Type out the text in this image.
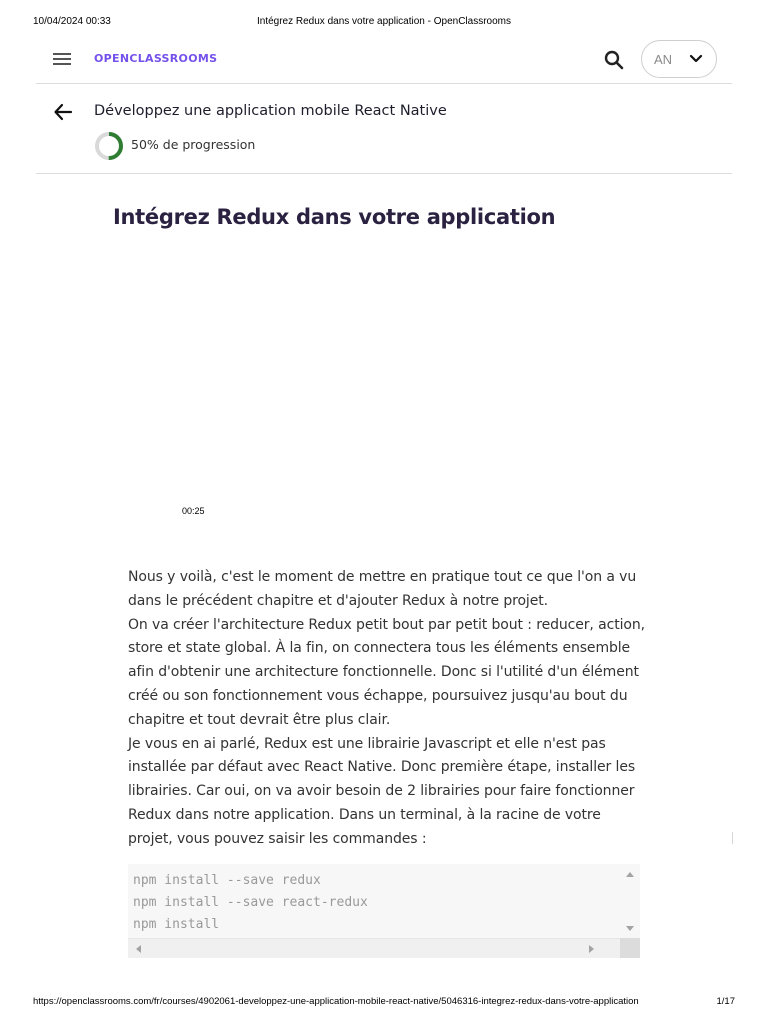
10/04/2024 00:33	Intégrez Redux dans votre application - OpenClassrooms
OPENCLASSROOMS	AN
Développez une application mobile React Native
50% de progression
Intégrez Redux dans votre application
00:25

Nous y voilà, c'est le moment de mettre en pratique tout ce que l'on a vu dans le précédent chapitre et d'ajouter Redux à notre projet.

On va créer l'architecture Redux petit bout par petit bout : reducer, action, store et state global. À la fin, on connectera tous les éléments ensemble afin d'obtenir une architecture fonctionnelle. Donc si l'utilité d'un élément créé ou son fonctionnement vous échappe, poursuivez jusqu'au bout du chapitre et tout devrait être plus clair.

Je vous en ai parlé, Redux est une librairie Javascript et elle n'est pas installée par défaut avec React Native. Donc première étape, installer les librairies. Car oui, on va avoir besoin de 2 librairies pour faire fonctionner Redux dans notre application. Dans un terminal, à la racine de votre projet, vous pouvez saisir les commandes :

npm install --save redux
npm install --save react-redux
npm install
https://openclassrooms.com/fr/courses/4902061-developpez-une-application-mobile-react-native/5046316-integrez-redux-dans-votre-application	1/17
